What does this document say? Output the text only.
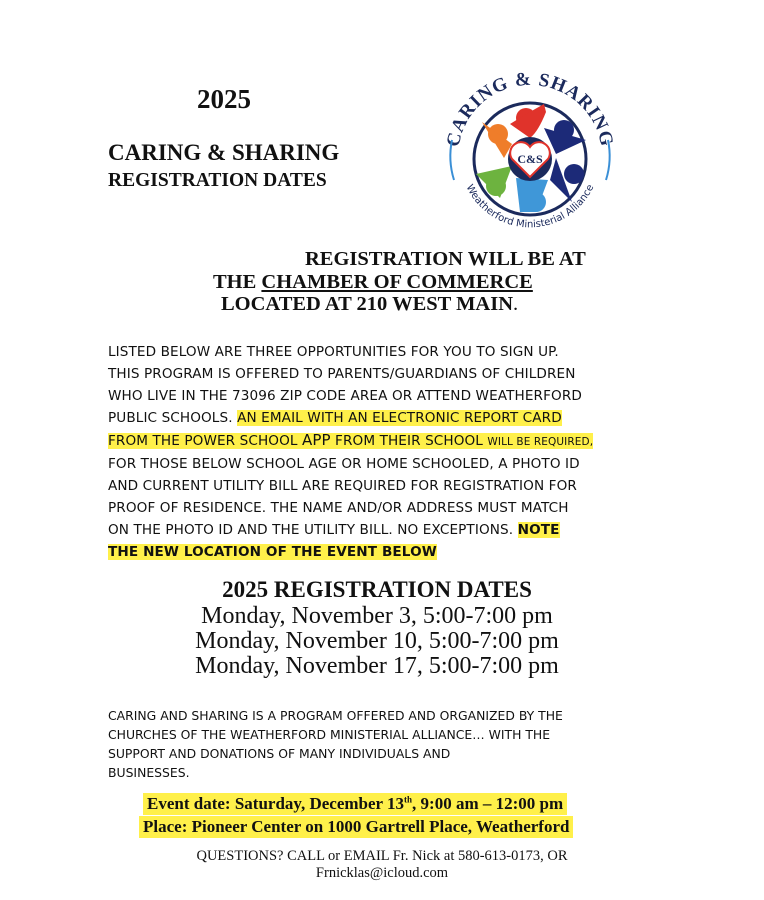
2025
CARING & SHARING
REGISTRATION DATES
CARING & SHARING
Weatherford Ministerial Alliance
C&S
REGISTRATION WILL BE AT
THE CHAMBER OF COMMERCE
LOCATED AT 210 WEST MAIN.
LISTED BELOW ARE THREE OPPORTUNITIES FOR YOU TO SIGN UP.
THIS PROGRAM IS OFFERED TO PARENTS/GUARDIANS OF CHILDREN
WHO LIVE IN THE 73096 ZIP CODE AREA OR ATTEND WEATHERFORD
PUBLIC SCHOOLS. AN EMAIL WITH AN ELECTRONIC REPORT CARD
FROM THE POWER SCHOOL APP FROM THEIR SCHOOL WILL BE REQUIRED,
FOR THOSE BELOW SCHOOL AGE OR HOME SCHOOLED, A PHOTO ID
AND CURRENT UTILITY BILL ARE REQUIRED FOR REGISTRATION FOR
PROOF OF RESIDENCE. THE NAME AND/OR ADDRESS MUST MATCH
ON THE PHOTO ID AND THE UTILITY BILL. NO EXCEPTIONS. NOTE
THE NEW LOCATION OF THE EVENT BELOW
2025 REGISTRATION DATES
Monday, November 3, 5:00-7:00 pm
Monday, November 10, 5:00-7:00 pm
Monday, November 17, 5:00-7:00 pm
CARING AND SHARING IS A PROGRAM OFFERED AND ORGANIZED BY THE
CHURCHES OF THE WEATHERFORD MINISTERIAL ALLIANCE… WITH THE
SUPPORT AND DONATIONS OF MANY INDIVIDUALS AND
BUSINESSES.
Event date: Saturday, December 13th, 9:00 am – 12:00 pm
Place: Pioneer Center on 1000 Gartrell Place, Weatherford
QUESTIONS? CALL or EMAIL Fr. Nick at 580-613-0173, OR
Frnicklas@icloud.com
